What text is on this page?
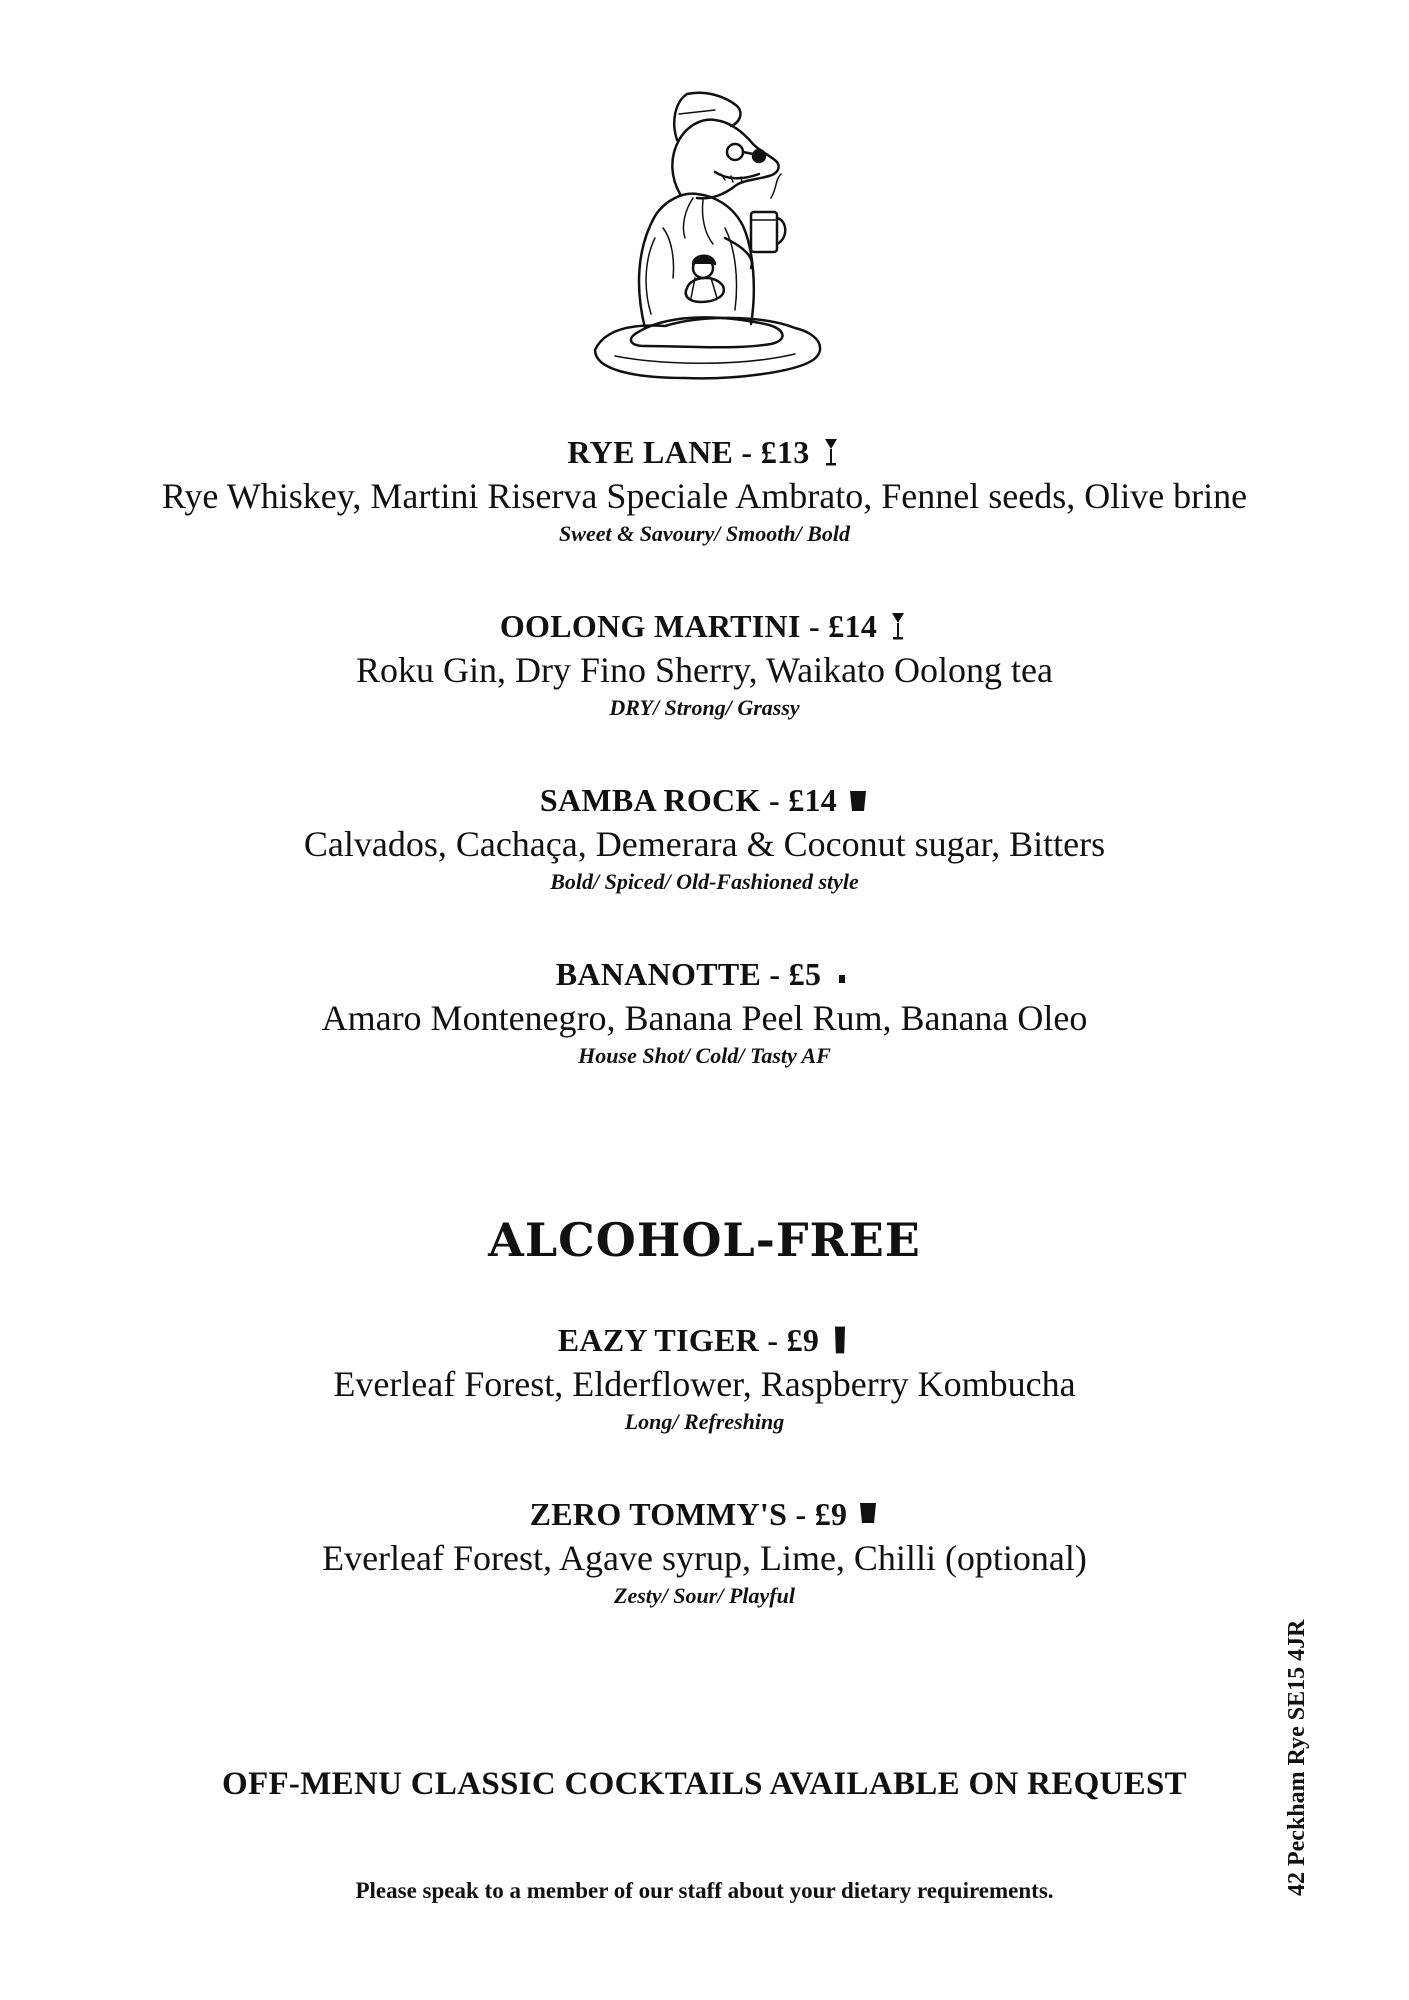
RYE LANE - £13
Rye Whiskey, Martini Riserva Speciale Ambrato, Fennel seeds, Olive brine
Sweet & Savoury/ Smooth/ Bold
OOLONG MARTINI - £14
Roku Gin, Dry Fino Sherry, Waikato Oolong tea
DRY/ Strong/ Grassy
SAMBA ROCK - £14
Calvados, Cachaça, Demerara & Coconut sugar, Bitters
Bold/ Spiced/ Old-Fashioned style
BANANOTTE - £5
Amaro Montenegro, Banana Peel Rum, Banana Oleo
House Shot/ Cold/ Tasty AF
ALCOHOL-FREE
EAZY TIGER - £9
Everleaf Forest, Elderflower, Raspberry Kombucha
Long/ Refreshing
ZERO TOMMY'S - £9
Everleaf Forest, Agave syrup, Lime, Chilli (optional)
Zesty/ Sour/ Playful
OFF-MENU CLASSIC COCKTAILS AVAILABLE ON REQUEST
Please speak to a member of our staff about your dietary requirements.	42 Peckham Rye SE15 4JR
